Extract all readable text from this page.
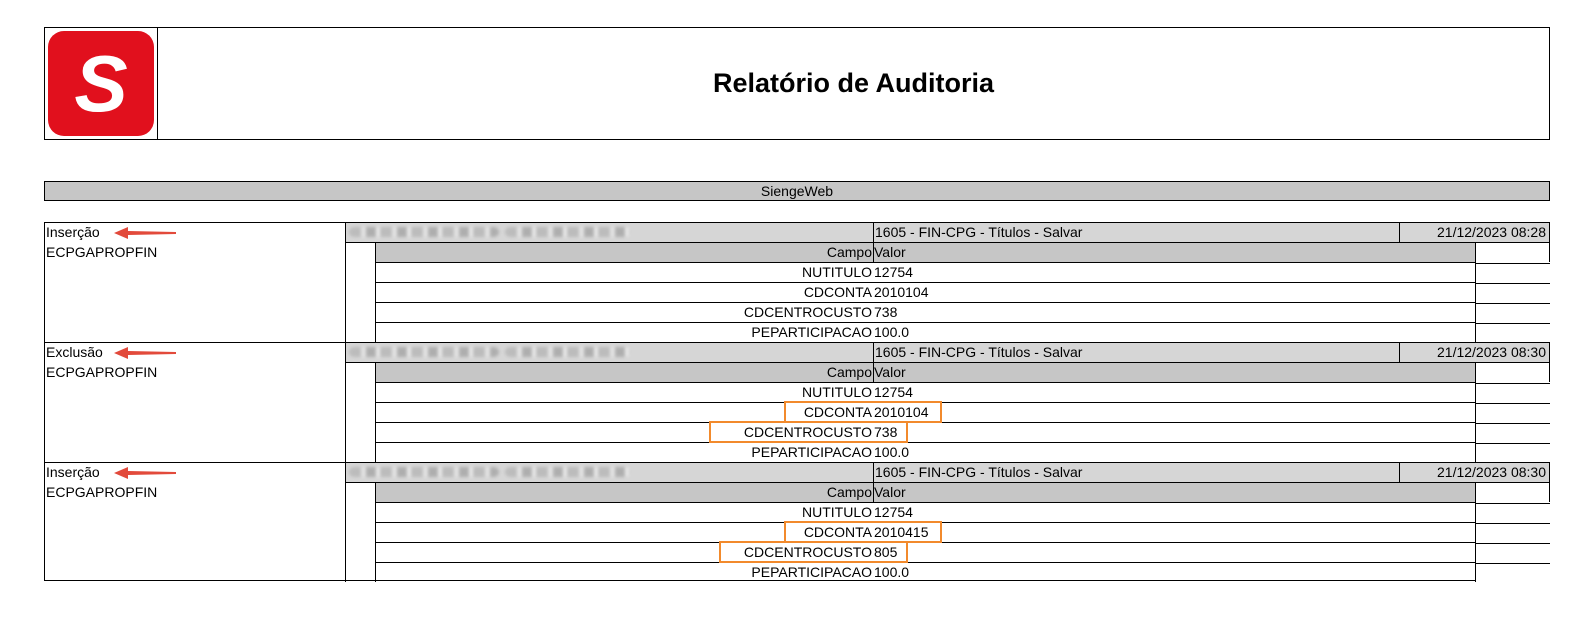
S	Relatório de Auditoria
SiengeWeb
Inserção
ECPGAPROPFIN
1605 - FIN-CPG - Títulos - Salvar	21/12/2023 08:28
Campo Valor
NUTITULO 12754
CDCONTA 2010104
CDCENTROCUSTO 738
PEPARTICIPACAO 100.0
Exclusão
ECPGAPROPFIN
1605 - FIN-CPG - Títulos - Salvar	21/12/2023 08:30
Campo Valor
NUTITULO 12754
CDCONTA 2010104
CDCENTROCUSTO 738
PEPARTICIPACAO 100.0
Inserção
ECPGAPROPFIN
1605 - FIN-CPG - Títulos - Salvar	21/12/2023 08:30
Campo Valor
NUTITULO 12754
CDCONTA 2010415
CDCENTROCUSTO 805
PEPARTICIPACAO 100.0
